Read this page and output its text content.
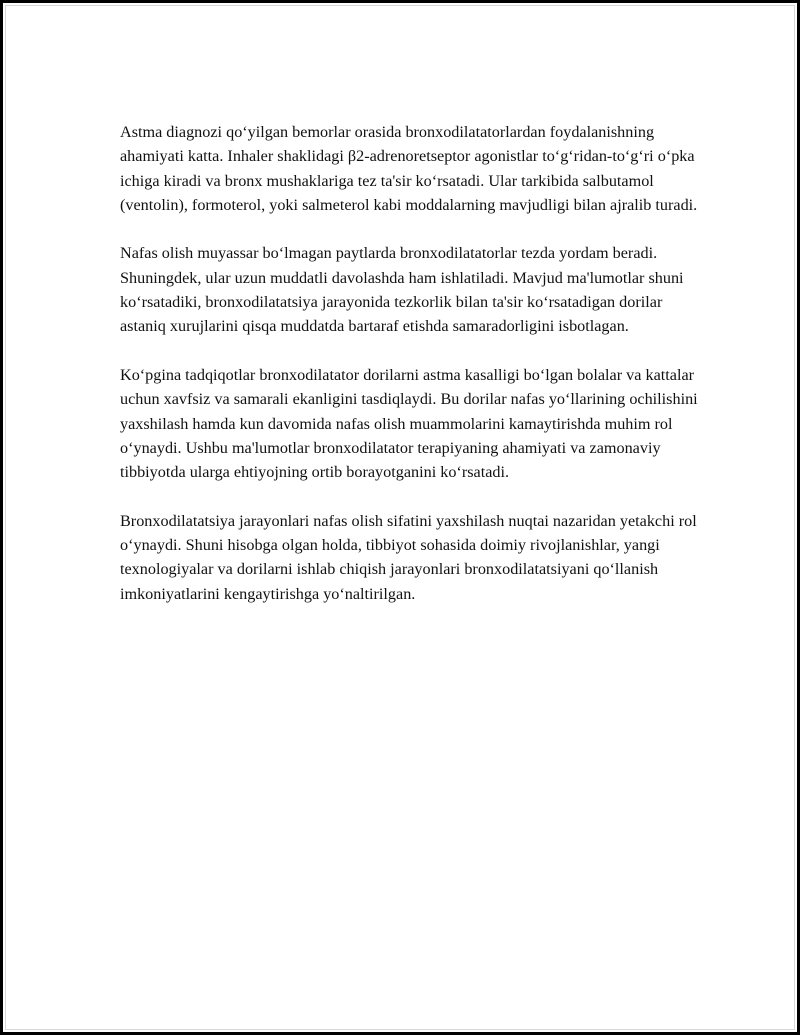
Astma diagnozi qo‘yilgan bemorlar orasida bronxodilatatorlardan foydalanishning ahamiyati katta. Inhaler shaklidagi β2-adrenoretseptor agonistlar to‘g‘ridan-to‘g‘ri o‘pka ichiga kiradi va bronx mushaklariga tez ta'sir ko‘rsatadi. Ular tarkibida salbutamol (ventolin), formoterol, yoki salmeterol kabi moddalarning mavjudligi bilan ajralib turadi.

Nafas olish muyassar bo‘lmagan paytlarda bronxodilatatorlar tezda yordam beradi. Shuningdek, ular uzun muddatli davolashda ham ishlatiladi. Mavjud ma'lumotlar shuni ko‘rsatadiki, bronxodilatatsiya jarayonida tezkorlik bilan ta'sir ko‘rsatadigan dorilar astaniq xurujlarini qisqa muddatda bartaraf etishda samaradorligini isbotlagan.

Ko‘pgina tadqiqotlar bronxodilatator dorilarni astma kasalligi bo‘lgan bolalar va kattalar uchun xavfsiz va samarali ekanligini tasdiqlaydi. Bu dorilar nafas yo‘llarining ochilishini yaxshilash hamda kun davomida nafas olish muammolarini kamaytirishda muhim rol o‘ynaydi. Ushbu ma'lumotlar bronxodilatator terapiyaning ahamiyati va zamonaviy tibbiyotda ularga ehtiyojning ortib borayotganini ko‘rsatadi.

Bronxodilatatsiya jarayonlari nafas olish sifatini yaxshilash nuqtai nazaridan yetakchi rol o‘ynaydi. Shuni hisobga olgan holda, tibbiyot sohasida doimiy rivojlanishlar, yangi texnologiyalar va dorilarni ishlab chiqish jarayonlari bronxodilatatsiyani qo‘llanish imkoniyatlarini kengaytirishga yo‘naltirilgan.
